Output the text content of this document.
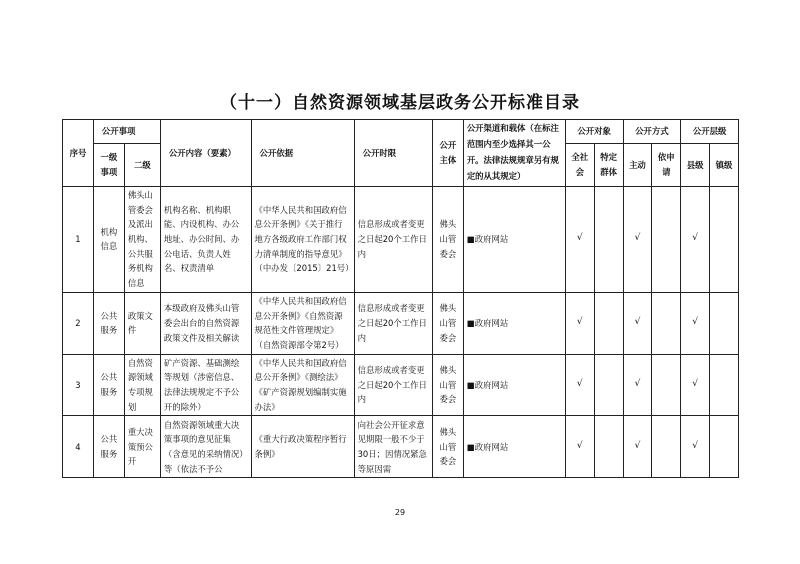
（十一）自然资源领域基层政务公开标准目录
序号	公开事项		公开内容（要素）	公开依据	公开时限	公开主体	公开渠道和载体（在标注范围内至少选择其一公开。法律法规规章另有规定的从其规定）	公开对象		公开方式		公开层级	
	一级事项	二级						全社会	特定群体	主动	依申请	县级	镇级
1	机构信息	佛头山管委会及派出机构、公共服务机构信息	机构名称、机构职能、内设机构、办公地址、办公时间、办公电话、负责人姓名、权责清单	《中华人民共和国政府信息公开条例》《关于推行地方各级政府工作部门权力清单制度的指导意见》（中办发〔2015〕21号）	信息形成或者变更之日起20个工作日内	佛头山管委会	■政府网站	√		√		√	
2	公共服务	政策文件	本级政府及佛头山管委会出台的自然资源政策文件及相关解读	《中华人民共和国政府信息公开条例》《自然资源规范性文件管理规定》（自然资源部令第2号）	信息形成或者变更之日起20个工作日内	佛头山管委会	■政府网站	√		√		√	
3	公共服务	自然资源领域专项规划	矿产资源、基础测绘等规划（涉密信息、法律法规规定不予公开的除外）	《中华人民共和国政府信息公开条例》《测绘法》《矿产资源规划编制实施办法》	信息形成或者变更之日起20个工作日内	佛头山管委会	■政府网站	√		√		√	
4	公共服务	重大决策预公开	自然资源领域重大决策事项的意见征集（含意见的采纳情况）等（依法不予公	《重大行政决策程序暂行条例》	向社会公开征求意见期限一般不少于30日；因情况紧急等原因需	佛头山管委会	■政府网站	√		√		√	
29
